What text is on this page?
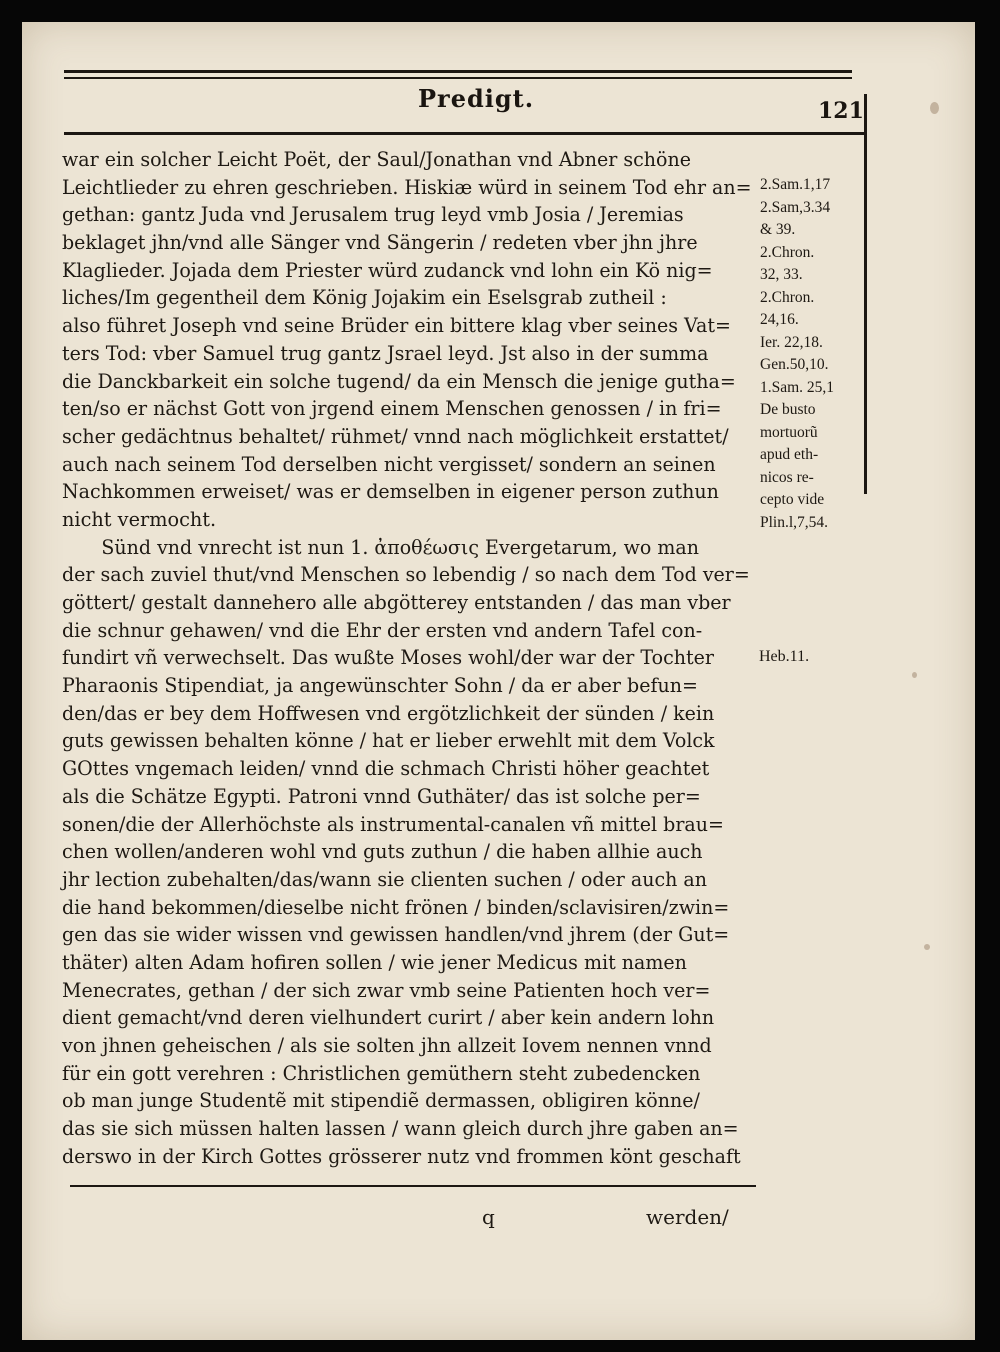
Predigt.	121
war ein solcher Leicht Poët, der Saul/Jonathan vnd Abner schöne
Leichtlieder zu ehren geschrieben. Hiskiæ würd in seinem Tod ehr an=
gethan: gantz Juda vnd Jerusalem trug leyd vmb Josia / Jeremias
beklaget jhn/vnd alle Sänger vnd Sängerin / redeten vber jhn jhre
Klaglieder. Jojada dem Priester würd zudanck vnd lohn ein Kö nig=
liches/Im gegentheil dem König Jojakim ein Eselsgrab zutheil :
also führet Joseph vnd seine Brüder ein bittere klag vber seines Vat=
ters Tod: vber Samuel trug gantz Jsrael leyd. Jst also in der summa
die Danckbarkeit ein solche tugend/ da ein Mensch die jenige gutha=
ten/so er nächst Gott von jrgend einem Menschen genossen / in fri=
scher gedächtnus behaltet/ rühmet/ vnnd nach möglichkeit erstattet/
auch nach seinem Tod derselben nicht vergisset/ sondern an seinen
Nachkommen erweiset/ was er demselben in eigener person zuthun
nicht vermocht.
Sünd vnd vnrecht ist nun 1. ἀποθέωσις Evergetarum, wo man
der sach zuviel thut/vnd Menschen so lebendig / so nach dem Tod ver=
göttert/ gestalt dannehero alle abgötterey entstanden / das man vber
die schnur gehawen/ vnd die Ehr der ersten vnd andern Tafel con-
fundirt vñ verwechselt. Das wußte Moses wohl/der war der Tochter
Pharaonis Stipendiat, ja angewünschter Sohn / da er aber befun=
den/das er bey dem Hoffwesen vnd ergötzlichkeit der sünden / kein
guts gewissen behalten könne / hat er lieber erwehlt mit dem Volck
GOttes vngemach leiden/ vnnd die schmach Christi höher geachtet
als die Schätze Egypti. Patroni vnnd Guthäter/ das ist solche per=
sonen/die der Allerhöchste als instrumental-canalen vñ mittel brau=
chen wollen/anderen wohl vnd guts zuthun / die haben allhie auch
jhr lection zubehalten/das/wann sie clienten suchen / oder auch an
die hand bekommen/dieselbe nicht frönen / binden/sclavisiren/zwin=
gen das sie wider wissen vnd gewissen handlen/vnd jhrem (der Gut=
thäter) alten Adam hofiren sollen / wie jener Medicus mit namen
Menecrates, gethan / der sich zwar vmb seine Patienten hoch ver=
dient gemacht/vnd deren vielhundert curirt / aber kein andern lohn
von jhnen geheischen / als sie solten jhn allzeit Iovem nennen vnnd
für ein gott verehren : Christlichen gemüthern steht zubedencken
ob man junge Studentẽ mit stipendiẽ dermassen, obligiren könne/
das sie sich müssen halten lassen / wann gleich durch jhre gaben an=
derswo in der Kirch Gottes grösserer nutz vnd frommen könt geschaft
2.Sam.1,17
2.Sam,3.34
& 39.
2.Chron.
32, 33.
2.Chron.
24,16.
Ier. 22,18.
Gen.50,10.
1.Sam. 25,1
De busto
mortuorũ
apud eth-
nicos re-
cepto vide
Plin.l,7,54.
Heb.11.
q	werden/
